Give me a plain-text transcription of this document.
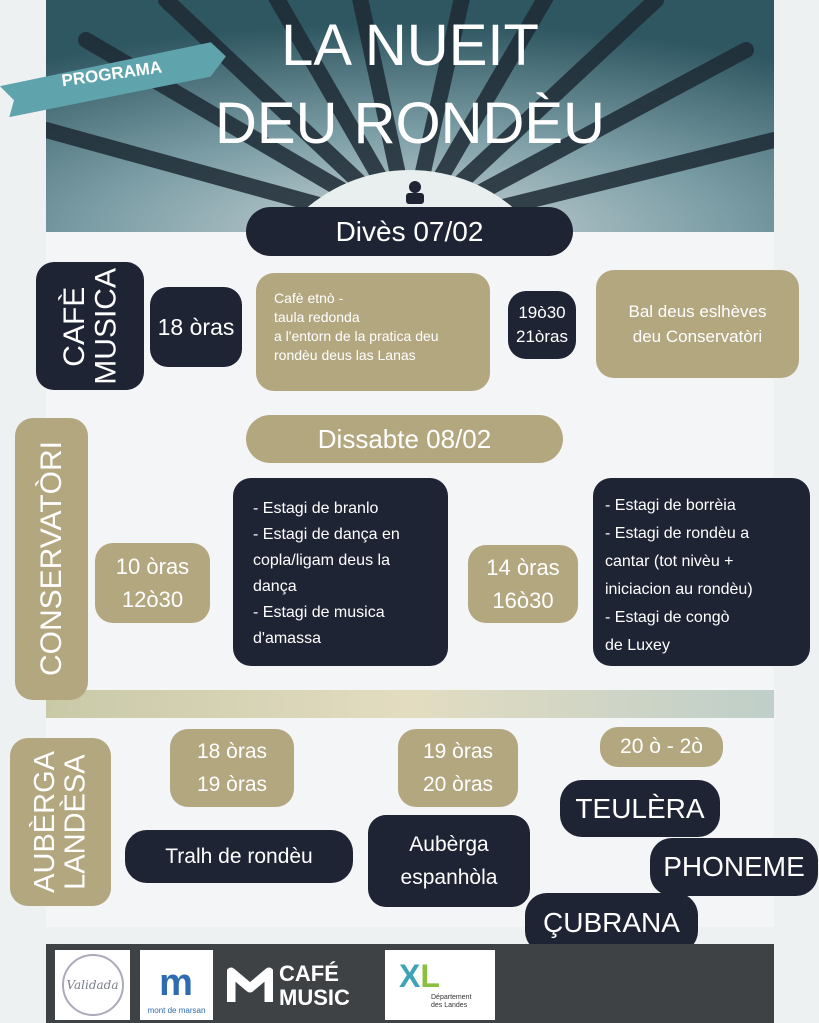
PROGRAMA	LA NUEIT
DEU RONDÈU
Divès 07/02
CAFÈ
MUSICA	18 òras
Cafè etnò -
taula redonda
a l'entorn de la pratica deu
rondèu deus las Lanas
19ò30
21òras
Bal deus eslhèves
deu Conservatòri
Dissabte 08/02
CONSERVATÒRI	10 òras
12ò30
- Estagi de branlo
- Estagi de dança en
copla/ligam deus la
dança
- Estagi de musica
d'amassa
14 òras
16ò30
- Estagi de borrèia
- Estagi de rondèu a
cantar (tot nivèu +
iniciacion au rondèu)
- Estagi de congò
de Luxey
AUBÈRGA
LANDÈSA
18 òras
19 òras
Tralh de rondèu
19 òras
20 òras
Aubèrga
espanhòla
20 ò - 2ò
TEULÈRA
PHONEME
ÇUBRANA
Validada m
mont de marsan
CAFÉ
MUSIC
XL
Département
des Landes
